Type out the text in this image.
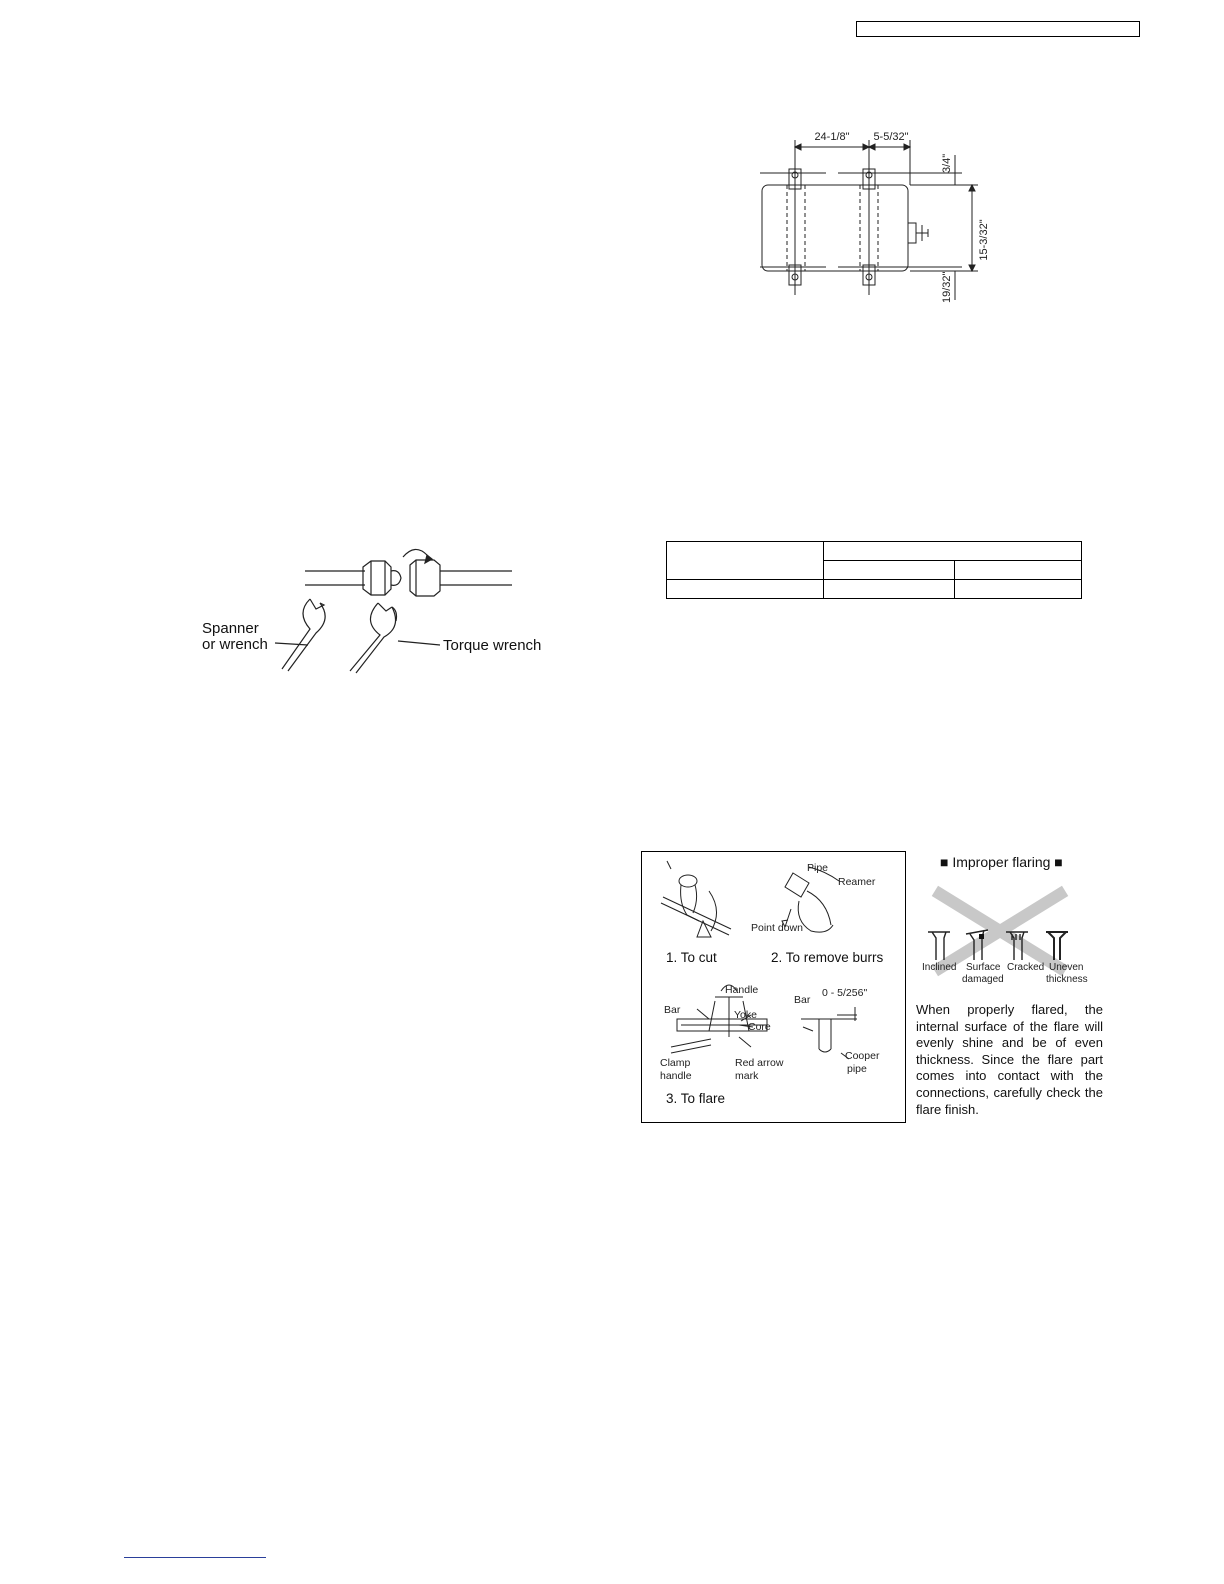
24-1/8" 5-5/32"
3/4"
15-3/32"
19/32"
Spanner
or wrench	Torque wrench

1. To cut	2. To remove burrs
3. To flare
Pipe
Reamer
Point down
Handle
Bar	Yoke
Core
Clamp
handle
Red arrow
mark
Bar
0 - 5/256"
Cooper
pipe
■ Improper flaring ■
Inclined Surface
damaged
Cracked Uneven
thickness
When properly flared, the internal surface of the flare will evenly shine and be of even thickness. Since the flare part comes into contact with the connections, carefully check the flare finish.
